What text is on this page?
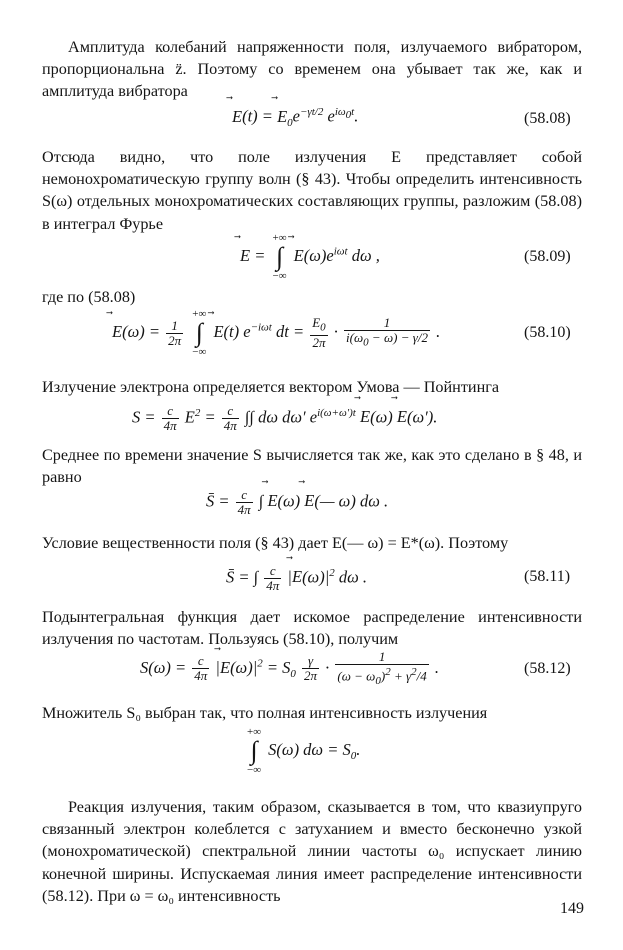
Амплитуда колебаний напряженности поля, излучаемого вибратором, пропорциональна z̈. Поэтому со временем она убывает так же, как и амплитуда вибратора

⃗ E(t) = ⃗ $E_0e^{-\gamma t/2}$ $e^{i\omega_0t}$.	(58.08)

Отсюда видно, что поле излучения E представляет собой немонохроматическую группу волн (§ 43). Чтобы определить интенсивность S(ω) отдельных монохроматических составляющих группы, разложим (58.08) в интеграл Фурье

⃗ E =
+∞
∫
−∞
⃗ $E(\omega)e^{i\omega t}$ dω ,	(58.09)

где по (58.08)

⃗ $E(\omega) = \frac{1}{2\pi}$

+∞
∫
−∞
⃗ E(t) $e^{-i\omega t}$ dt = $\frac{E_0}{2\pi} \cdot \frac{1}{i(\omega_0 - \omega) - \gamma/2}$ .	(58.10)

Излучение электрона определяется вектором Умова — Пойнтинга

$S = \frac{c}{4\pi} E^2 = \frac{c}{4\pi}$ ∫∫ dω dω′ $e^{i(\omega+\omega')t}$ ⃗ E(ω) ⃗ E(ω′).

Среднее по времени значение S вычисляется так же, как это сделано в § 48, и равно

S̄ = $\frac{c}{4\pi}$ ∫ ⃗ E(ω) ⃗ E(— ω) dω .

Условие вещественности поля (§ 43) дает E(— ω) = E*(ω). Поэтому

S̄ = ∫ $\frac{c}{4\pi}$ |⃗ $E(\omega)|^2$ dω .	(58.11)

Подынтегральная функция дает искомое распределение интенсивности излучения по частотам. Пользуясь (58.10), получим

$S(\omega) = \frac{c}{4\pi}$ |⃗ $E(\omega)|^2 = S_0 \frac{\gamma}{2\pi} \cdot \frac{1}{(\omega - \omega_0)^2 + \gamma^2/4}$ .	(58.12)

Множитель S₀ выбран так, что полная интенсивность излучения

+∞
∫
−∞
S(ω) $d\omega = S_0$.

Реакция излучения, таким образом, сказывается в том, что квазиупруго связанный электрон колеблется с затуханием и вместо бесконечно узкой (монохроматической) спектральной линии частоты ω₀ испускает линию конечной ширины. Испускаемая линия имеет распределение интенсивности (58.12). При ω = ω₀ интенсивность

149
